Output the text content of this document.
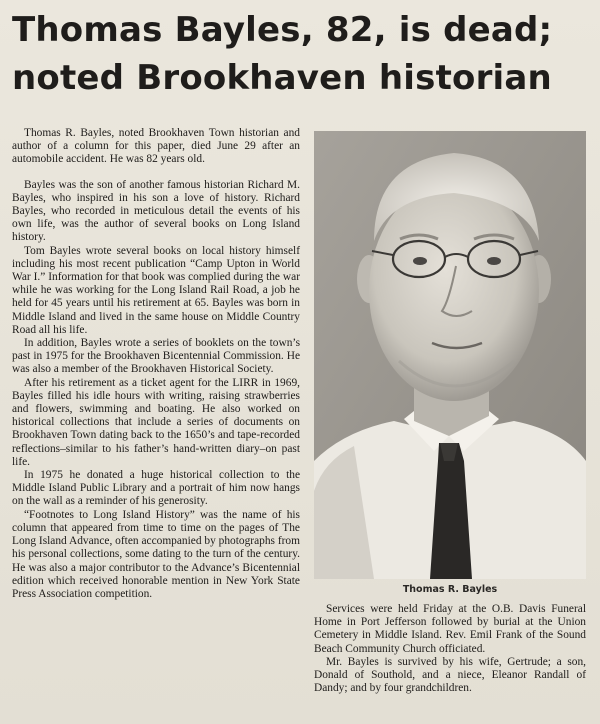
Thomas Bayles, 82, is dead;
noted Brookhaven historian

Thomas R. Bayles, noted Brookhaven Town historian and author of a column for this paper, died June 29 after an automobile accident. He was 82 years old.

Bayles was the son of another famous historian Richard M. Bayles, who inspired in his son a love of history. Richard Bayles, who recorded in meticulous detail the events of his own life, was the author of several books on Long Island history.

Tom Bayles wrote several books on local history himself including his most recent publication “Camp Upton in World War I.” Information for that book was complied during the war while he was working for the Long Island Rail Road, a job he held for 45 years until his retirement at 65. Bayles was born in Middle Island and lived in the same house on Middle Country Road all his life.

In addition, Bayles wrote a series of booklets on the town’s past in 1975 for the Brookhaven Bicentennial Commission. He was also a member of the Brookhaven Historical Society.

After his retirement as a ticket agent for the LIRR in 1969, Bayles filled his idle hours with writing, raising strawberries and flowers, swimming and boating. He also worked on historical collections that include a series of documents on Brookhaven Town dating back to the 1650’s and tape-recorded reflections–similar to his father’s hand-written diary–on past life.

In 1975 he donated a huge historical collection to the Middle Island Public Library and a portrait of him now hangs on the wall as a reminder of his generosity.

“Footnotes to Long Island History” was the name of his column that appeared from time to time on the pages of The Long Island Advance, often accompanied by photographs from his personal collections, some dating to the turn of the century. He was also a major contributor to the Advance’s Bicentennial edition which received honorable mention in New York State Press Association competition.	Thomas R. Bayles

Services were held Friday at the O.B. Davis Funeral Home in Port Jefferson followed by burial at the Union Cemetery in Middle Island. Rev. Emil Frank of the Sound Beach Community Church officiated.

Mr. Bayles is survived by his wife, Gertrude; a son, Donald of Southold, and a niece, Eleanor Randall of Dandy; and by four grandchildren.
